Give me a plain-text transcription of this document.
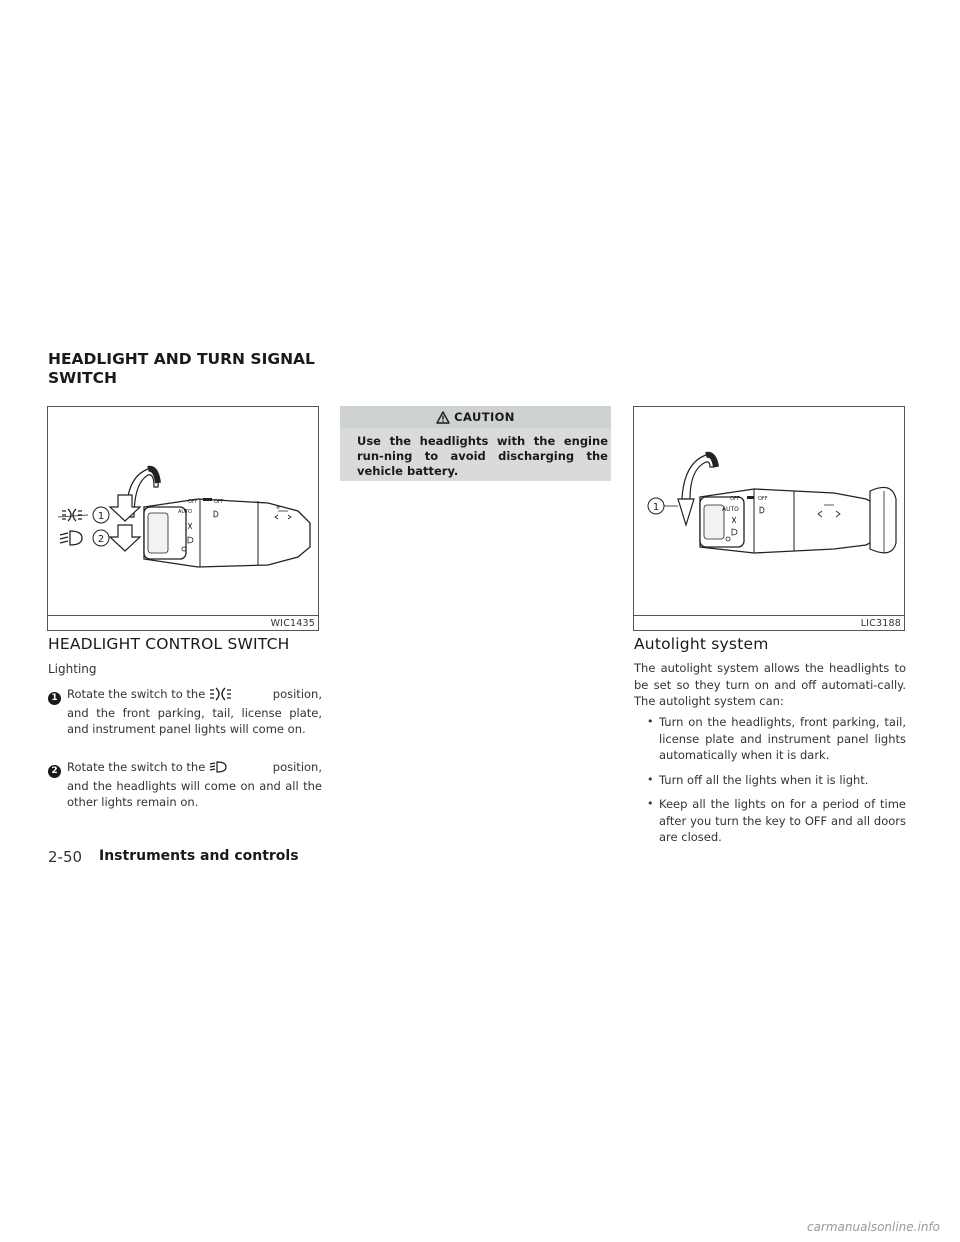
HEADLIGHT AND TURN SIGNAL SWITCH
1
2
OFF	OFF
AUTO
≡
WIC1435
HEADLIGHT CONTROL SWITCH
Lighting
1 Rotate the switch to the	position,
and the front parking, tail, license plate, and instrument panel lights will come on.
2 Rotate the switch to the	position,
and the headlights will come on and all the other lights remain on.
CAUTION
Use the headlights with the engine run-ning to avoid discharging the vehicle battery.
1
OFF	OFF
AUTO
LIC3188
Autolight system
The autolight system allows the headlights to be set so they turn on and off automati-cally. The autolight system can:
• Turn on the headlights, front parking, tail, license plate and instrument panel lights automatically when it is dark.
• Turn off all the lights when it is light.
• Keep all the lights on for a period of time after you turn the key to OFF and all doors are closed.
2-50 Instruments and controls
carmanualsonline.info
